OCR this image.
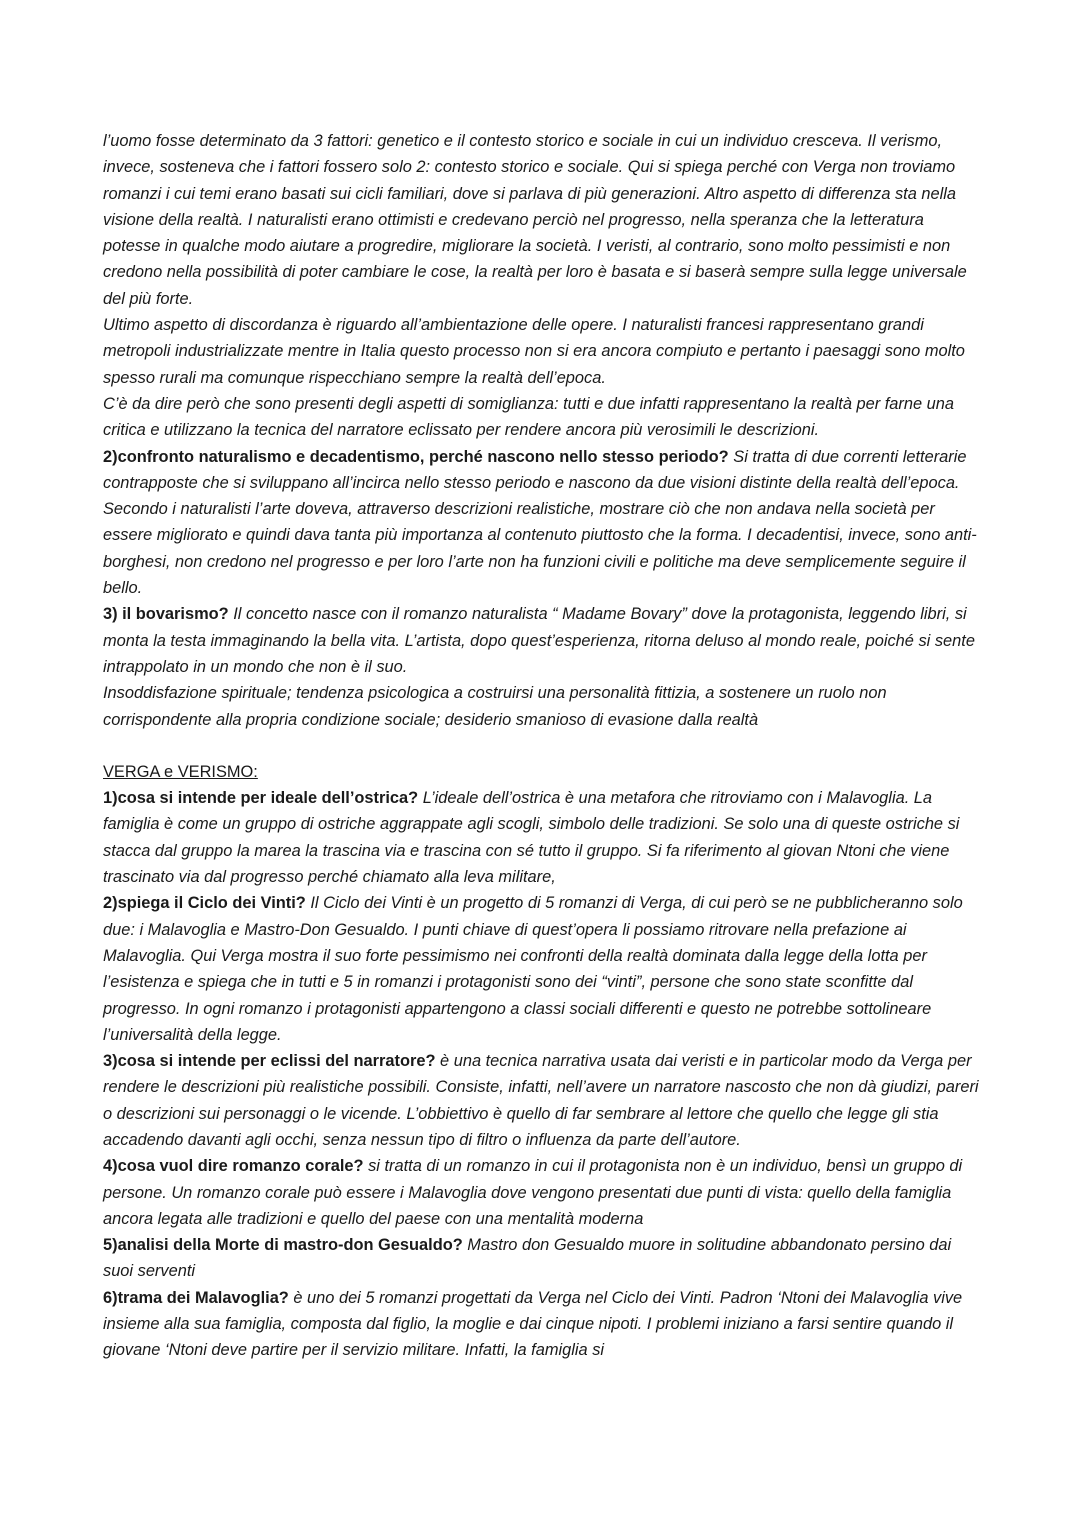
l’uomo fosse determinato da 3 fattori: genetico e il contesto storico e sociale in cui un individuo cresceva. Il verismo, invece, sosteneva che i fattori fossero solo 2: contesto storico e sociale. Qui si spiega perché con Verga non troviamo romanzi i cui temi erano basati sui cicli familiari, dove si parlava di più generazioni. Altro aspetto di differenza sta nella visione della realtà. I naturalisti erano ottimisti e credevano perciò nel progresso, nella speranza che la letteratura potesse in qualche modo aiutare a progredire, migliorare la società. I veristi, al contrario, sono molto pessimisti e non credono nella possibilità di poter cambiare le cose, la realtà per loro è basata e si baserà sempre sulla legge universale del più forte.

Ultimo aspetto di discordanza è riguardo all’ambientazione delle opere. I naturalisti francesi rappresentano grandi metropoli industrializzate mentre in Italia questo processo non si era ancora compiuto e pertanto i paesaggi sono molto spesso rurali ma comunque rispecchiano sempre la realtà dell’epoca.

C’è da dire però che sono presenti degli aspetti di somiglianza: tutti e due infatti rappresentano la realtà per farne una critica e utilizzano la tecnica del narratore eclissato per rendere ancora più verosimili le descrizioni.

2)confronto naturalismo e decadentismo, perché nascono nello stesso periodo? Si tratta di due correnti letterarie contrapposte che si sviluppano all’incirca nello stesso periodo e nascono da due visioni distinte della realtà dell’epoca. Secondo i naturalisti l’arte doveva, attraverso descrizioni realistiche, mostrare ciò che non andava nella società per essere migliorato e quindi dava tanta più importanza al contenuto piuttosto che la forma. I decadentisi, invece, sono anti-borghesi, non credono nel progresso e per loro l’arte non ha funzioni civili e politiche ma deve semplicemente seguire il bello.

3) il bovarismo? Il concetto nasce con il romanzo naturalista “ Madame Bovary” dove la protagonista, leggendo libri, si monta la testa immaginando la bella vita. L’artista, dopo quest’esperienza, ritorna deluso al mondo reale, poiché si sente intrappolato in un mondo che non è il suo.

Insoddisfazione spirituale; tendenza psicologica a costruirsi una personalità fittizia, a sostenere un ruolo non corrispondente alla propria condizione sociale; desiderio smanioso di evasione dalla realtà

VERGA e VERISMO:

1)cosa si intende per ideale dell’ostrica? L’ideale dell’ostrica è una metafora che ritroviamo con i Malavoglia. La famiglia è come un gruppo di ostriche aggrappate agli scogli, simbolo delle tradizioni. Se solo una di queste ostriche si stacca dal gruppo la marea la trascina via e trascina con sé tutto il gruppo. Si fa riferimento al giovan Ntoni che viene trascinato via dal progresso perché chiamato alla leva militare,

2)spiega il Ciclo dei Vinti? Il Ciclo dei Vinti è un progetto di 5 romanzi di Verga, di cui però se ne pubblicheranno solo due: i Malavoglia e Mastro-Don Gesualdo. I punti chiave di quest’opera li possiamo ritrovare nella prefazione ai Malavoglia. Qui Verga mostra il suo forte pessimismo nei confronti della realtà dominata dalla legge della lotta per l’esistenza e spiega che in tutti e 5 in romanzi i protagonisti sono dei “vinti”, persone che sono state sconfitte dal progresso. In ogni romanzo i protagonisti appartengono a classi sociali differenti e questo ne potrebbe sottolineare l’universalità della legge.

3)cosa si intende per eclissi del narratore? è una tecnica narrativa usata dai veristi e in particolar modo da Verga per rendere le descrizioni più realistiche possibili. Consiste, infatti, nell’avere un narratore nascosto che non dà giudizi, pareri o descrizioni sui personaggi o le vicende. L’obbiettivo è quello di far sembrare al lettore che quello che legge gli stia accadendo davanti agli occhi, senza nessun tipo di filtro o influenza da parte dell’autore.

4)cosa vuol dire romanzo corale? si tratta di un romanzo in cui il protagonista non è un individuo, bensì un gruppo di persone. Un romanzo corale può essere i Malavoglia dove vengono presentati due punti di vista: quello della famiglia ancora legata alle tradizioni e quello del paese con una mentalità moderna

5)analisi della Morte di mastro-don Gesualdo? Mastro don Gesualdo muore in solitudine abbandonato persino dai suoi serventi

6)trama dei Malavoglia? è uno dei 5 romanzi progettati da Verga nel Ciclo dei Vinti. Padron ‘Ntoni dei Malavoglia vive insieme alla sua famiglia, composta dal figlio, la moglie e dai cinque nipoti. I problemi iniziano a farsi sentire quando il giovane ‘Ntoni deve partire per il servizio militare. Infatti, la famiglia si
